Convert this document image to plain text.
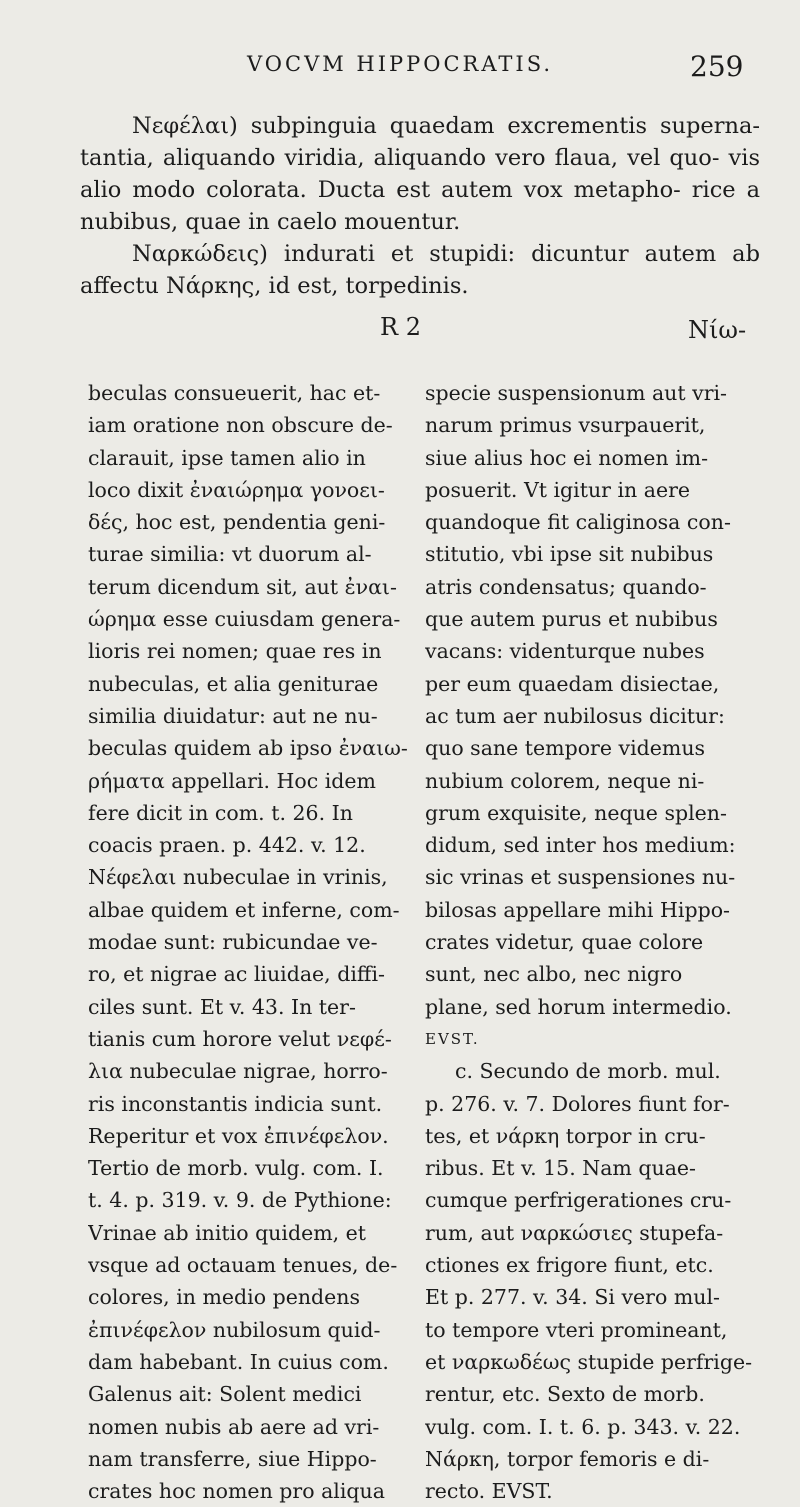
VOCVM HIPPOCRATIS.	259

Νεφέλαι) subpinguia quaedam excrementis superna- tantia, aliquando viridia, aliquando vero flaua, vel quo- vis alio modo colorata. Ducta est autem vox metapho- rice a nubibus, quae in caelo mouentur.

Ναρκώδεις) indurati et stupidi: dicuntur autem ab affectu Νάρκης, id est, torpedinis.

R 2	Νίω-
beculas consueuerit, hac et-
iam oratione non obscure de-
clarauit, ipse tamen alio in
loco dixit ἐναιώρημα γονοει-
δές, hoc est, pendentia geni-
turae similia: vt duorum al-
terum dicendum sit, aut ἐναι-
ώρημα esse cuiusdam genera-
lioris rei nomen; quae res in
nubeculas, et alia geniturae
similia diuidatur: aut ne nu-
beculas quidem ab ipso ἐναιω-
ρήματα appellari. Hoc idem
fere dicit in com. t. 26. In
coacis praen. p. 442. v. 12.
Νέφελαι nubeculae in vrinis,
albae quidem et inferne, com-
modae sunt: rubicundae ve-
ro, et nigrae ac liuidae, diffi-
ciles sunt. Et v. 43. In ter-
tianis cum horore velut νεφέ-
λια nubeculae nigrae, horro-
ris inconstantis indicia sunt.
Reperitur et vox ἐπινέφελον.
Tertio de morb. vulg. com. I.
t. 4. p. 319. v. 9. de Pythione:
Vrinae ab initio quidem, et
vsque ad octauam tenues, de-
colores, in medio pendens
ἐπινέφελον nubilosum quid-
dam habebant. In cuius com.
Galenus ait: Solent medici
nomen nubis ab aere ad vri-
nam transferre, siue Hippo-
crates hoc nomen pro aliqua
specie suspensionum aut vri-
narum primus vsurpauerit,
siue alius hoc ei nomen im-
posuerit. Vt igitur in aere
quandoque fit caliginosa con-
stitutio, vbi ipse sit nubibus
atris condensatus; quando-
que autem purus et nubibus
vacans: videnturque nubes
per eum quaedam disiectae,
ac tum aer nubilosus dicitur:
quo sane tempore videmus
nubium colorem, neque ni-
grum exquisite, neque splen-
didum, sed inter hos medium:
sic vrinas et suspensiones nu-
bilosas appellare mihi Hippo-
crates videtur, quae colore
sunt, nec albo, nec nigro
plane, sed horum intermedio.
EVST.
c. Secundo de morb. mul.
p. 276. v. 7. Dolores fiunt for-
tes, et νάρκη torpor in cru-
ribus. Et v. 15. Nam quae-
cumque perfrigerationes cru-
rum, aut ναρκώσιες stupefa-
ctiones ex frigore fiunt, etc.
Et p. 277. v. 34. Si vero mul-
to tempore vteri promineant,
et ναρκωδέως stupide perfrige-
rentur, etc. Sexto de morb.
vulg. com. I. t. 6. p. 343. v. 22.
Νάρκη, torpor femoris e di-
recto. EVST.
